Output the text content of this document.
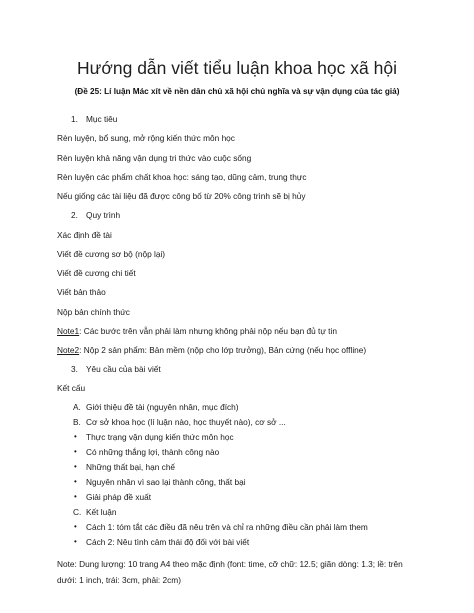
Hướng dẫn viết tiểu luận khoa học xã hội
(Đề 25: Lí luận Mác xít về nền dân chủ xã hội chủ nghĩa và sự vận dụng của tác giả)
1. Mục tiêu
Rèn luyện, bổ sung, mở rộng kiến thức môn học
Rèn luyện khả năng vận dụng tri thức vào cuộc sống
Rèn luyện các phẩm chất khoa học: sáng tạo, dũng cảm, trung thực
Nếu giống các tài liệu đã được công bố từ 20% công trình sẽ bị hủy
2. Quy trình
Xác định đề tài
Viết đề cương sơ bộ (nộp lại)
Viết đề cương chi tiết
Viết bản thảo
Nộp bản chính thức
Note1: Các bước trên vẫn phải làm nhưng không phải nộp nếu bạn đủ tự tin
Note2: Nộp 2 sản phẩm: Bản mềm (nộp cho lớp trưởng), Bản cứng (nếu học offline)
3. Yêu cầu của bài viết
Kết cấu
A. Giới thiệu đề tài (nguyên nhân, mục đích)
B. Cơ sở khoa học (lí luận nào, học thuyết nào), cơ sở ...
• Thực trạng vận dụng kiến thức môn học
• Có những thắng lợi, thành công nào
• Những thất bại, hạn chế
• Nguyên nhân vì sao lại thành công, thất bại
• Giải pháp đề xuất
C. Kết luận
• Cách 1: tóm tắt các điều đã nêu trên và chỉ ra những điều cần phải làm them
• Cách 2: Nêu tình cảm thái độ đối với bài viết
Note: Dung lượng: 10 trang A4 theo mặc định (font: time, cỡ chữ: 12.5; giãn dòng: 1.3; lề: trên dưới: 1 inch, trái: 3cm, phải: 2cm)
